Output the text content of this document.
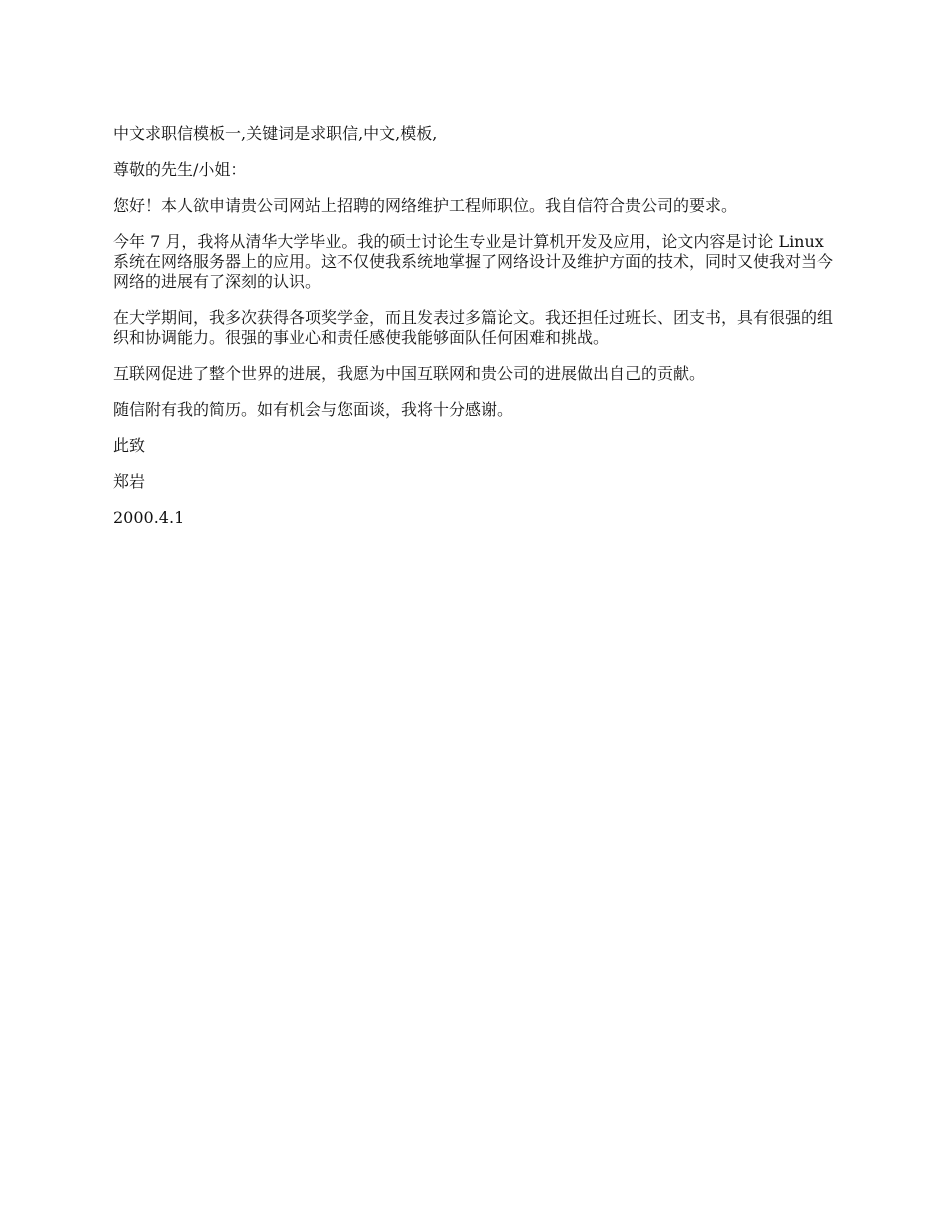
中文求职信模板一,关键词是求职信,中文,模板,

尊敬的先生/小姐：

您好！本人欲申请贵公司网站上招聘的网络维护工程师职位。我自信符合贵公司的要求。

今年 7 月，我将从清华大学毕业。我的硕士讨论生专业是计算机开发及应用，论文内容是讨论 Linux 系统在网络服务器上的应用。这不仅使我系统地掌握了网络设计及维护方面的技术，同时又使我对当今网络的进展有了深刻的认识。

在大学期间，我多次获得各项奖学金，而且发表过多篇论文。我还担任过班长、团支书，具有很强的组织和协调能力。很强的事业心和责任感使我能够面队任何困难和挑战。

互联网促进了整个世界的进展，我愿为中国互联网和贵公司的进展做出自己的贡献。

随信附有我的简历。如有机会与您面谈，我将十分感谢。

此致

郑岩

2000.4.1
